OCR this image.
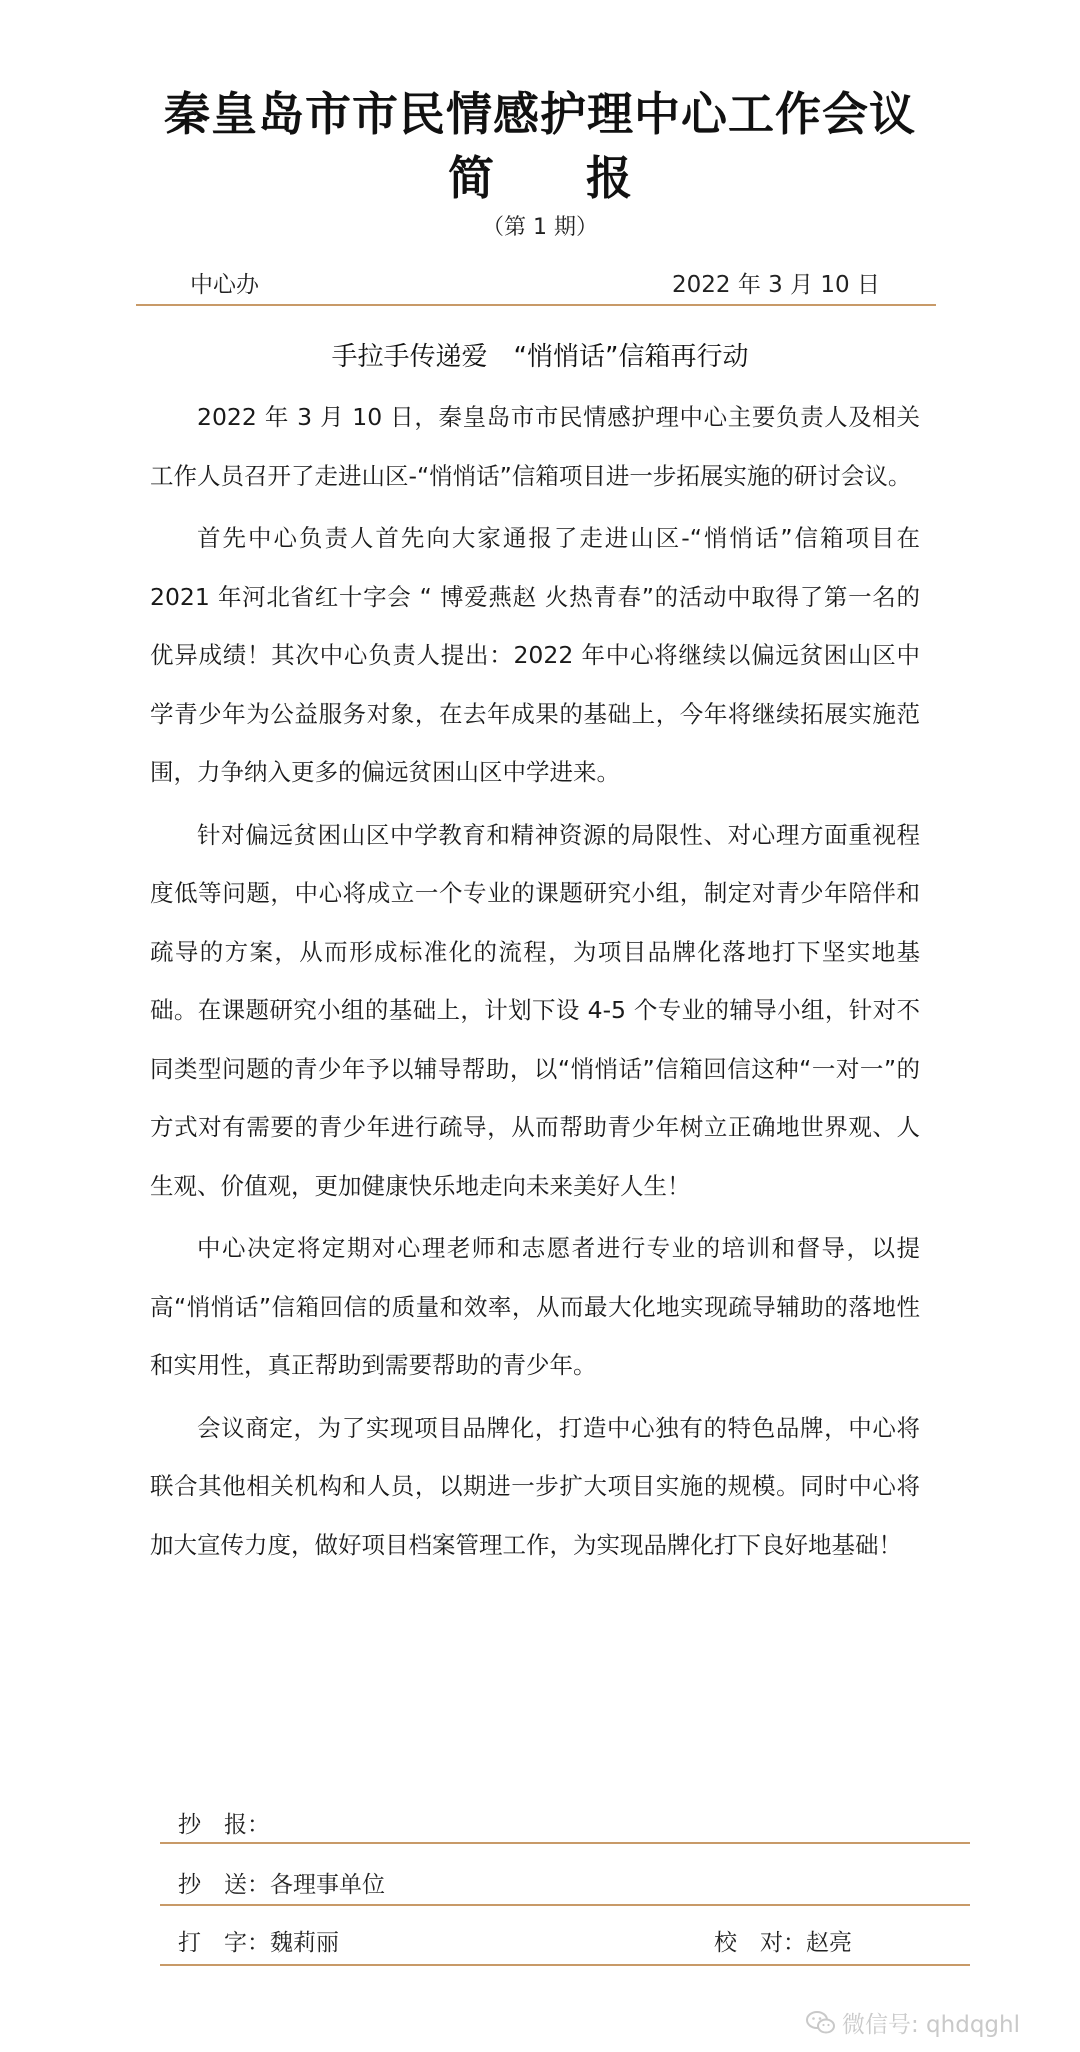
秦皇岛市市民情感护理中心工作会议
简 报
（第 1 期）
中心办	2022 年 3 月 10 日
手拉手传递爱　“悄悄话”信箱再行动

2022 年 3 月 10 日，秦皇岛市市民情感护理中心主要负责人及相关工作人员召开了走进山区-“悄悄话”信箱项目进一步拓展实施的研讨会议。

首先中心负责人首先向大家通报了走进山区-“悄悄话”信箱项目在 2021 年河北省红十字会 “ 博爱燕赵 火热青春”的活动中取得了第一名的优异成绩！其次中心负责人提出：2022 年中心将继续以偏远贫困山区中学青少年为公益服务对象，在去年成果的基础上，今年将继续拓展实施范围，力争纳入更多的偏远贫困山区中学进来。

针对偏远贫困山区中学教育和精神资源的局限性、对心理方面重视程度低等问题，中心将成立一个专业的课题研究小组，制定对青少年陪伴和疏导的方案，从而形成标准化的流程，为项目品牌化落地打下坚实地基础。在课题研究小组的基础上，计划下设 4-5 个专业的辅导小组，针对不同类型问题的青少年予以辅导帮助，以“悄悄话”信箱回信这种“一对一”的方式对有需要的青少年进行疏导，从而帮助青少年树立正确地世界观、人生观、价值观，更加健康快乐地走向未来美好人生！

中心决定将定期对心理老师和志愿者进行专业的培训和督导，以提高“悄悄话”信箱回信的质量和效率，从而最大化地实现疏导辅助的落地性和实用性，真正帮助到需要帮助的青少年。

会议商定，为了实现项目品牌化，打造中心独有的特色品牌，中心将联合其他相关机构和人员，以期进一步扩大项目实施的规模。同时中心将加大宣传力度，做好项目档案管理工作，为实现品牌化打下良好地基础！

抄　报：
抄　送：各理事单位
打　字：魏莉丽	校　对：赵亮
微信号: qhdqghl
